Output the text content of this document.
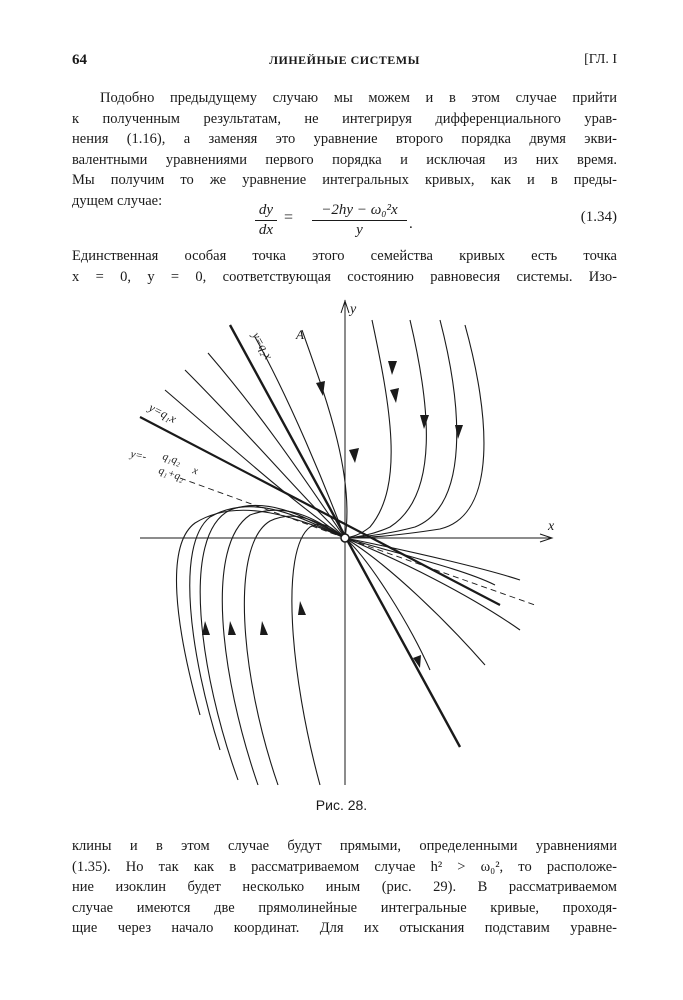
64	ЛИНЕЙНЫЕ СИСТЕМЫ	[ГЛ. I
Подобно предыдущему случаю мы можем и в этом случае прийти
к полученным результатам, не интегрируя дифференциального урав-
нения (1.16), а заменяя это уравнение второго порядка двумя экви-
валентными уравнениями первого порядка и исключая из них время.
Мы получим то же уравнение интегральных кривых, как и в преды-
дущем случае:
$\frac{dy}{dx} = \frac{\text{−2hy − ω₀²x}}{y}$ .	(1.34)
Единственная особая точка этого семейства кривых есть точка
x = 0, y = 0, соответствующая состоянию равновесия системы. Изо-
x
y
A
y=q₂x
y=q₁x
y=- q₁q₂
q₁+q₂ x
Рис. 28.
клины и в этом случае будут прямыми, определенными уравнениями
(1.35). Но так как в рассматриваемом случае h² > ω₀², то расположе-
ние изоклин будет несколько иным (рис. 29). В рассматриваемом
случае имеются две прямолинейные интегральные кривые, проходя-
щие через начало координат. Для их отыскания подставим уравне-
